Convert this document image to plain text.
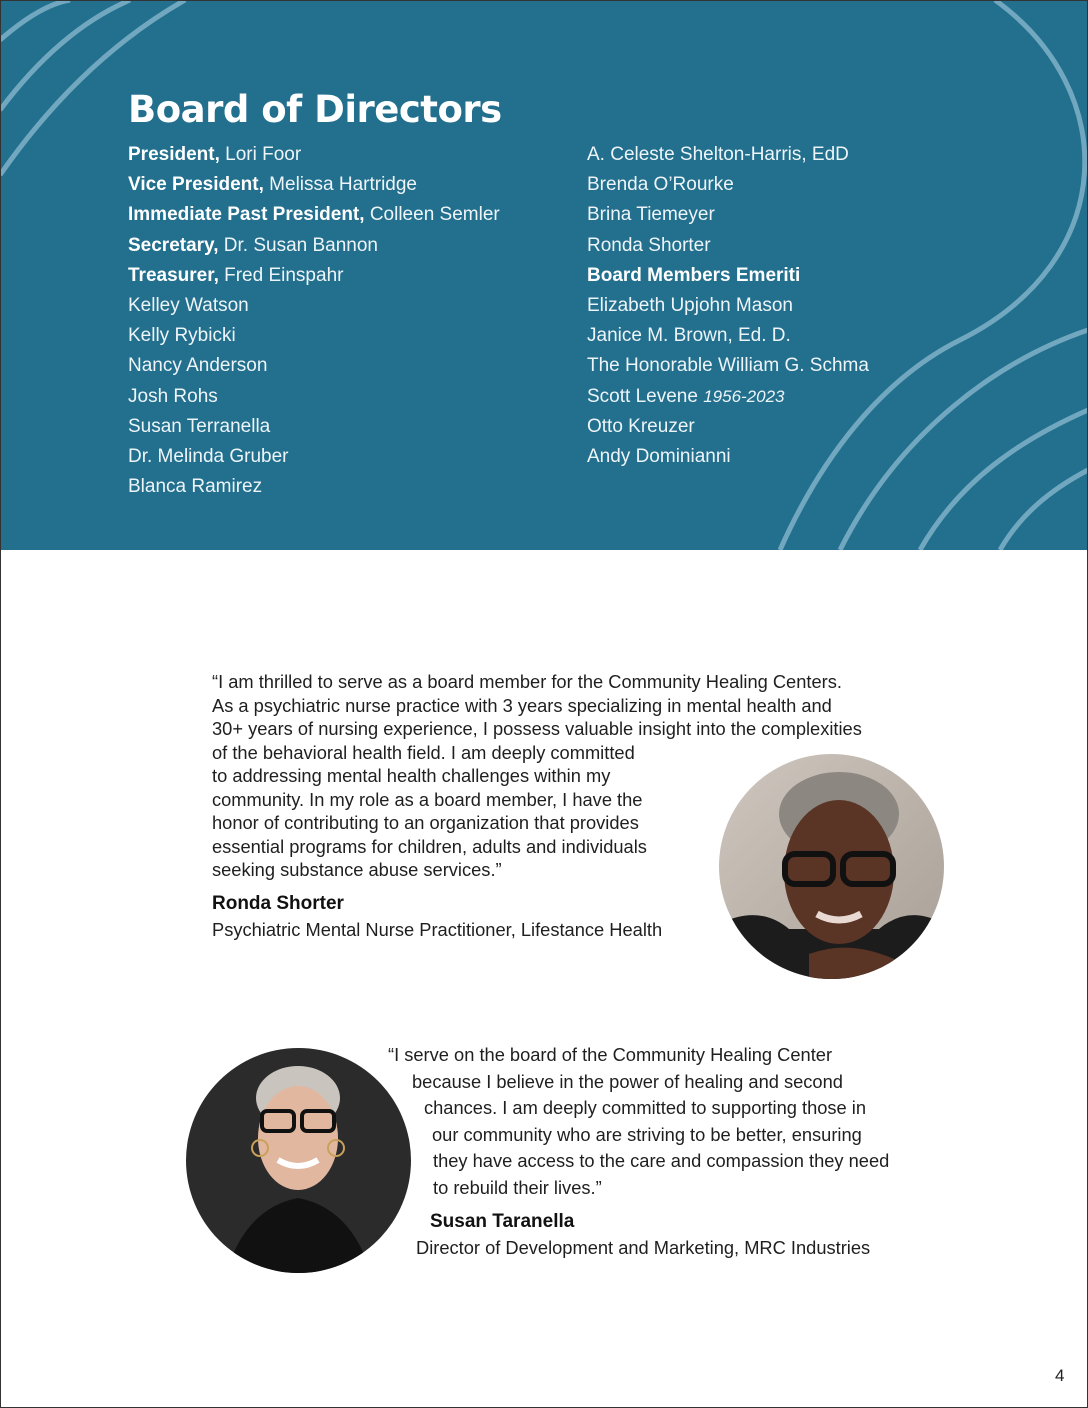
Board of Directors
President, Lori Foor
Vice President, Melissa Hartridge
Immediate Past President, Colleen Semler
Secretary, Dr. Susan Bannon
Treasurer, Fred Einspahr
Kelley Watson
Kelly Rybicki
Nancy Anderson
Josh Rohs
Susan Terranella
Dr. Melinda Gruber
Blanca Ramirez
A. Celeste Shelton-Harris, EdD
Brenda O’Rourke
Brina Tiemeyer
Ronda Shorter
Board Members Emeriti
Elizabeth Upjohn Mason
Janice M. Brown, Ed. D.
The Honorable William G. Schma
Scott Levene 1956-2023
Otto Kreuzer
Andy Dominianni
“I am thrilled to serve as a board member for the Community Healing Centers.
As a psychiatric nurse practice with 3 years specializing in mental health and
30+ years of nursing experience, I possess valuable insight into the complexities
of the behavioral health field. I am deeply committed
to addressing mental health challenges within my
community. In my role as a board member, I have the
honor of contributing to an organization that provides
essential programs for children, adults and individuals
seeking substance abuse services.”
Ronda Shorter
Psychiatric Mental Nurse Practitioner, Lifestance Health
“I serve on the board of the Community Healing Center
because I believe in the power of healing and second
chances. I am deeply committed to supporting those in
our community who are striving to be better, ensuring
they have access to the care and compassion they need
to rebuild their lives.”
Susan Taranella
Director of Development and Marketing, MRC Industries
4
